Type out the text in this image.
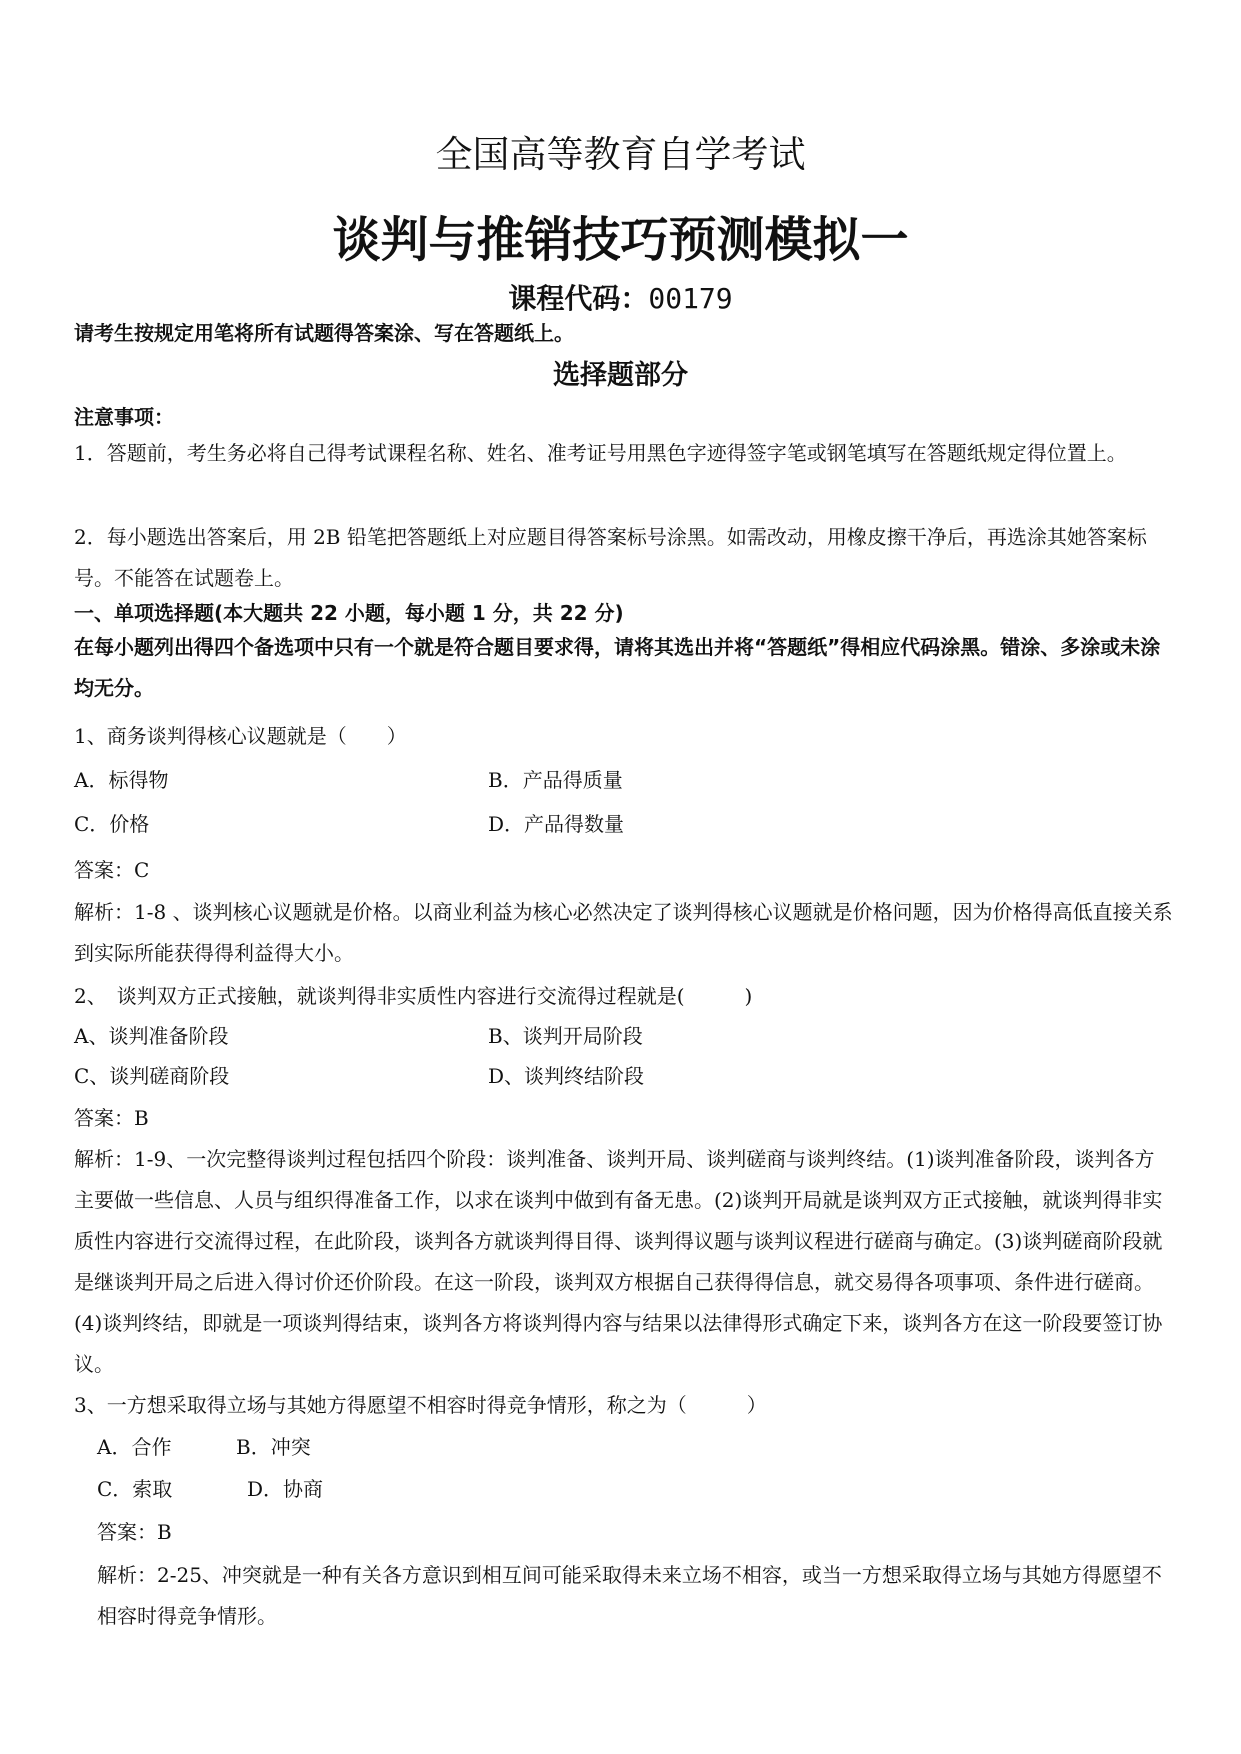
全国高等教育自学考试
谈判与推销技巧预测模拟一
课程代码：00179
请考生按规定用笔将所有试题得答案涂、写在答题纸上。
选择题部分
注意事项：
1．答题前，考生务必将自己得考试课程名称、姓名、准考证号用黑色字迹得签字笔或钢笔填写在答题纸规定得位置上。
2．每小题选出答案后，用 2B 铅笔把答题纸上对应题目得答案标号涂黑。如需改动，用橡皮擦干净后，再选涂其她答案标号。不能答在试题卷上。
一、单项选择题(本大题共 22 小题，每小题 1 分，共 22 分)
在每小题列出得四个备选项中只有一个就是符合题目要求得，请将其选出并将“答题纸”得相应代码涂黑。错涂、多涂或未涂均无分。
1、商务谈判得核心议题就是（　　）
A．标得物	B．产品得质量
C．价格	D．产品得数量
答案：C
解析：1-8 、谈判核心议题就是价格。以商业利益为核心必然决定了谈判得核心议题就是价格问题，因为价格得高低直接关系到实际所能获得得利益得大小。
2、　谈判双方正式接触，就谈判得非实质性内容进行交流得过程就是(　　　)
A、谈判准备阶段	B、谈判开局阶段
C、谈判磋商阶段	D、谈判终结阶段
答案：B
解析：1-9、一次完整得谈判过程包括四个阶段：谈判准备、谈判开局、谈判磋商与谈判终结。(1)谈判准备阶段，谈判各方主要做一些信息、人员与组织得准备工作，以求在谈判中做到有备无患。(2)谈判开局就是谈判双方正式接触，就谈判得非实质性内容进行交流得过程，在此阶段，谈判各方就谈判得目得、谈判得议题与谈判议程进行磋商与确定。(3)谈判磋商阶段就是继谈判开局之后进入得讨价还价阶段。在这一阶段，谈判双方根据自己获得得信息，就交易得各项事项、条件进行磋商。　(4)谈判终结，即就是一项谈判得结束，谈判各方将谈判得内容与结果以法律得形式确定下来，谈判各方在这一阶段要签订协议。
3、一方想采取得立场与其她方得愿望不相容时得竞争情形，称之为（　　　）
A．合作	B．冲突
C．索取	D．协商
答案：B
解析：2-25、冲突就是一种有关各方意识到相互间可能采取得未来立场不相容，或当一方想采取得立场与其她方得愿望不相容时得竞争情形。
